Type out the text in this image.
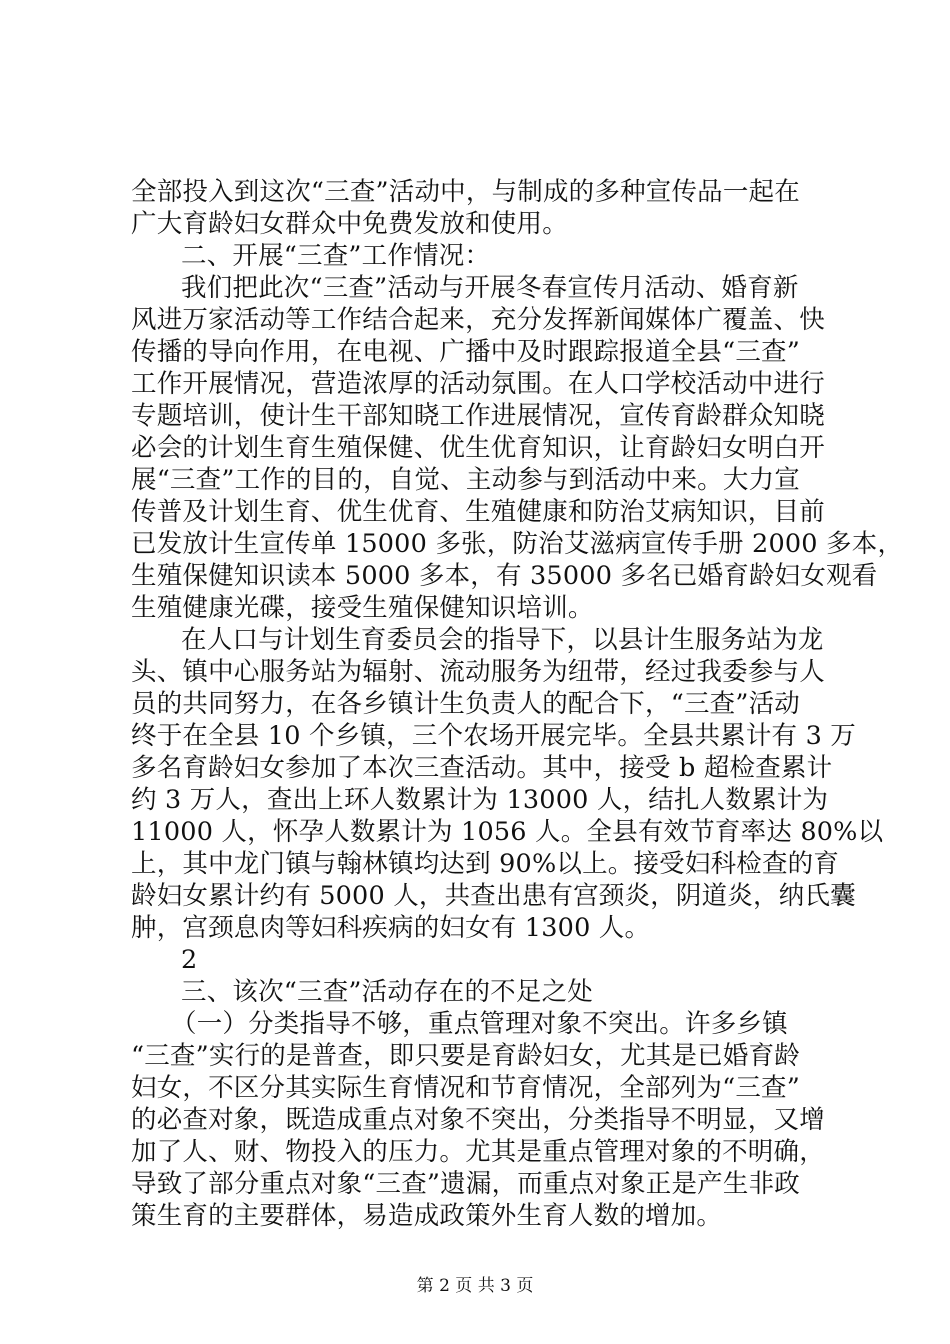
全部投入到这次“三查”活动中，与制成的多种宣传品一起在
广大育龄妇女群众中免费发放和使用。
二、开展“三查”工作情况：
我们把此次“三查”活动与开展冬春宣传月活动、婚育新
风进万家活动等工作结合起来，充分发挥新闻媒体广覆盖、快
传播的导向作用，在电视、广播中及时跟踪报道全县“三查”
工作开展情况，营造浓厚的活动氛围。在人口学校活动中进行
专题培训，使计生干部知晓工作进展情况，宣传育龄群众知晓
必会的计划生育生殖保健、优生优育知识，让育龄妇女明白开
展“三查”工作的目的，自觉、主动参与到活动中来。大力宣
传普及计划生育、优生优育、生殖健康和防治艾病知识，目前
已发放计生宣传单 15000 多张，防治艾滋病宣传手册 2000 多本，
生殖保健知识读本 5000 多本，有 35000 多名已婚育龄妇女观看
生殖健康光碟，接受生殖保健知识培训。
在人口与计划生育委员会的指导下，以县计生服务站为龙
头、镇中心服务站为辐射、流动服务为纽带，经过我委参与人
员的共同努力，在各乡镇计生负责人的配合下，“三查”活动
终于在全县 10 个乡镇，三个农场开展完毕。全县共累计有 3 万
多名育龄妇女参加了本次三查活动。其中，接受 b 超检查累计
约 3 万人，查出上环人数累计为 13000 人，结扎人数累计为
11000 人，怀孕人数累计为 1056 人。全县有效节育率达 80%以
上，其中龙门镇与翰林镇均达到 90%以上。接受妇科检查的育
龄妇女累计约有 5000 人，共查出患有宫颈炎，阴道炎，纳氏囊
肿，宫颈息肉等妇科疾病的妇女有 1300 人。
2
三、该次“三查”活动存在的不足之处
（一）分类指导不够，重点管理对象不突出。许多乡镇
“三查”实行的是普查，即只要是育龄妇女，尤其是已婚育龄
妇女，不区分其实际生育情况和节育情况，全部列为“三查”
的必查对象，既造成重点对象不突出，分类指导不明显，又增
加了人、财、物投入的压力。尤其是重点管理对象的不明确，
导致了部分重点对象“三查”遗漏，而重点对象正是产生非政
策生育的主要群体，易造成政策外生育人数的增加。
第 2 页 共 3 页
